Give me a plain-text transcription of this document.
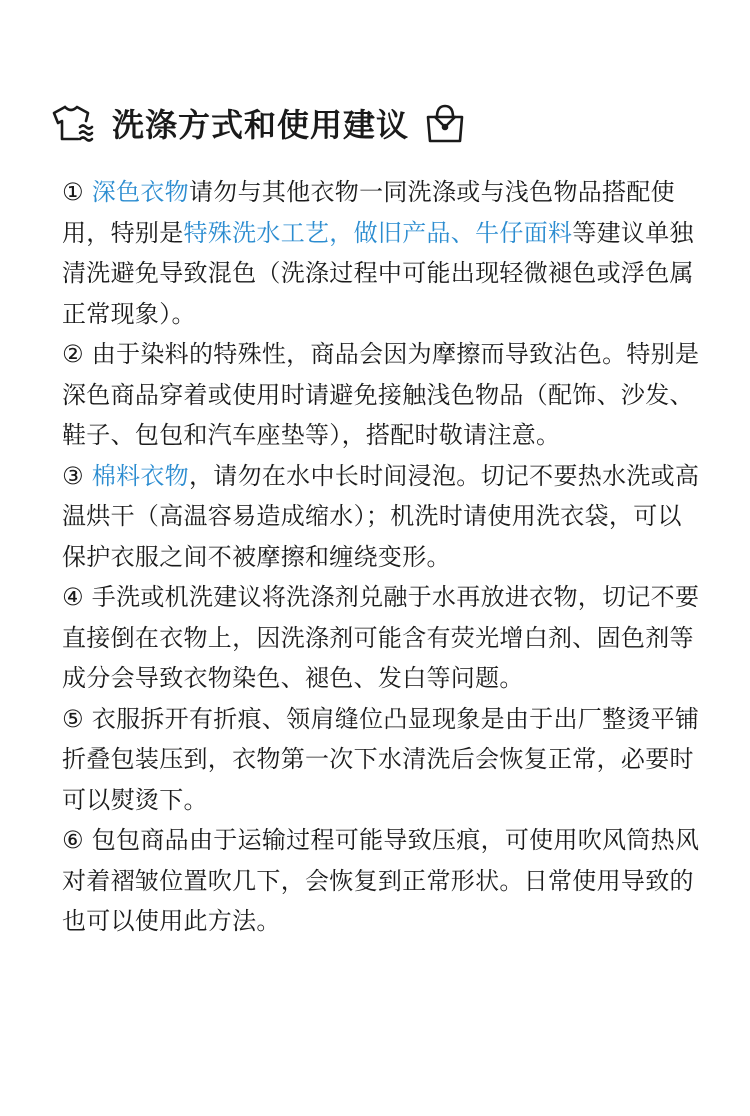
洗涤方式和使用建议

① 深色衣物请勿与其他衣物一同洗涤或与浅色物品搭配使用，特别是特殊洗水工艺，做旧产品、牛仔面料等建议单独清洗避免导致混色（洗涤过程中可能出现轻微褪色或浮色属正常现象）。

② 由于染料的特殊性，商品会因为摩擦而导致沾色。特别是深色商品穿着或使用时请避免接触浅色物品（配饰、沙发、鞋子、包包和汽车座垫等），搭配时敬请注意。

③ 棉料衣物，请勿在水中长时间浸泡。切记不要热水洗或高温烘干（高温容易造成缩水）；机洗时请使用洗衣袋，可以保护衣服之间不被摩擦和缠绕变形。

④ 手洗或机洗建议将洗涤剂兑融于水再放进衣物，切记不要直接倒在衣物上，因洗涤剂可能含有荧光增白剂、固色剂等成分会导致衣物染色、褪色、发白等问题。

⑤ 衣服拆开有折痕、领肩缝位凸显现象是由于出厂整烫平铺折叠包装压到，衣物第一次下水清洗后会恢复正常，必要时可以熨烫下。

⑥ 包包商品由于运输过程可能导致压痕，可使用吹风筒热风对着褶皱位置吹几下，会恢复到正常形状。日常使用导致的也可以使用此方法。
